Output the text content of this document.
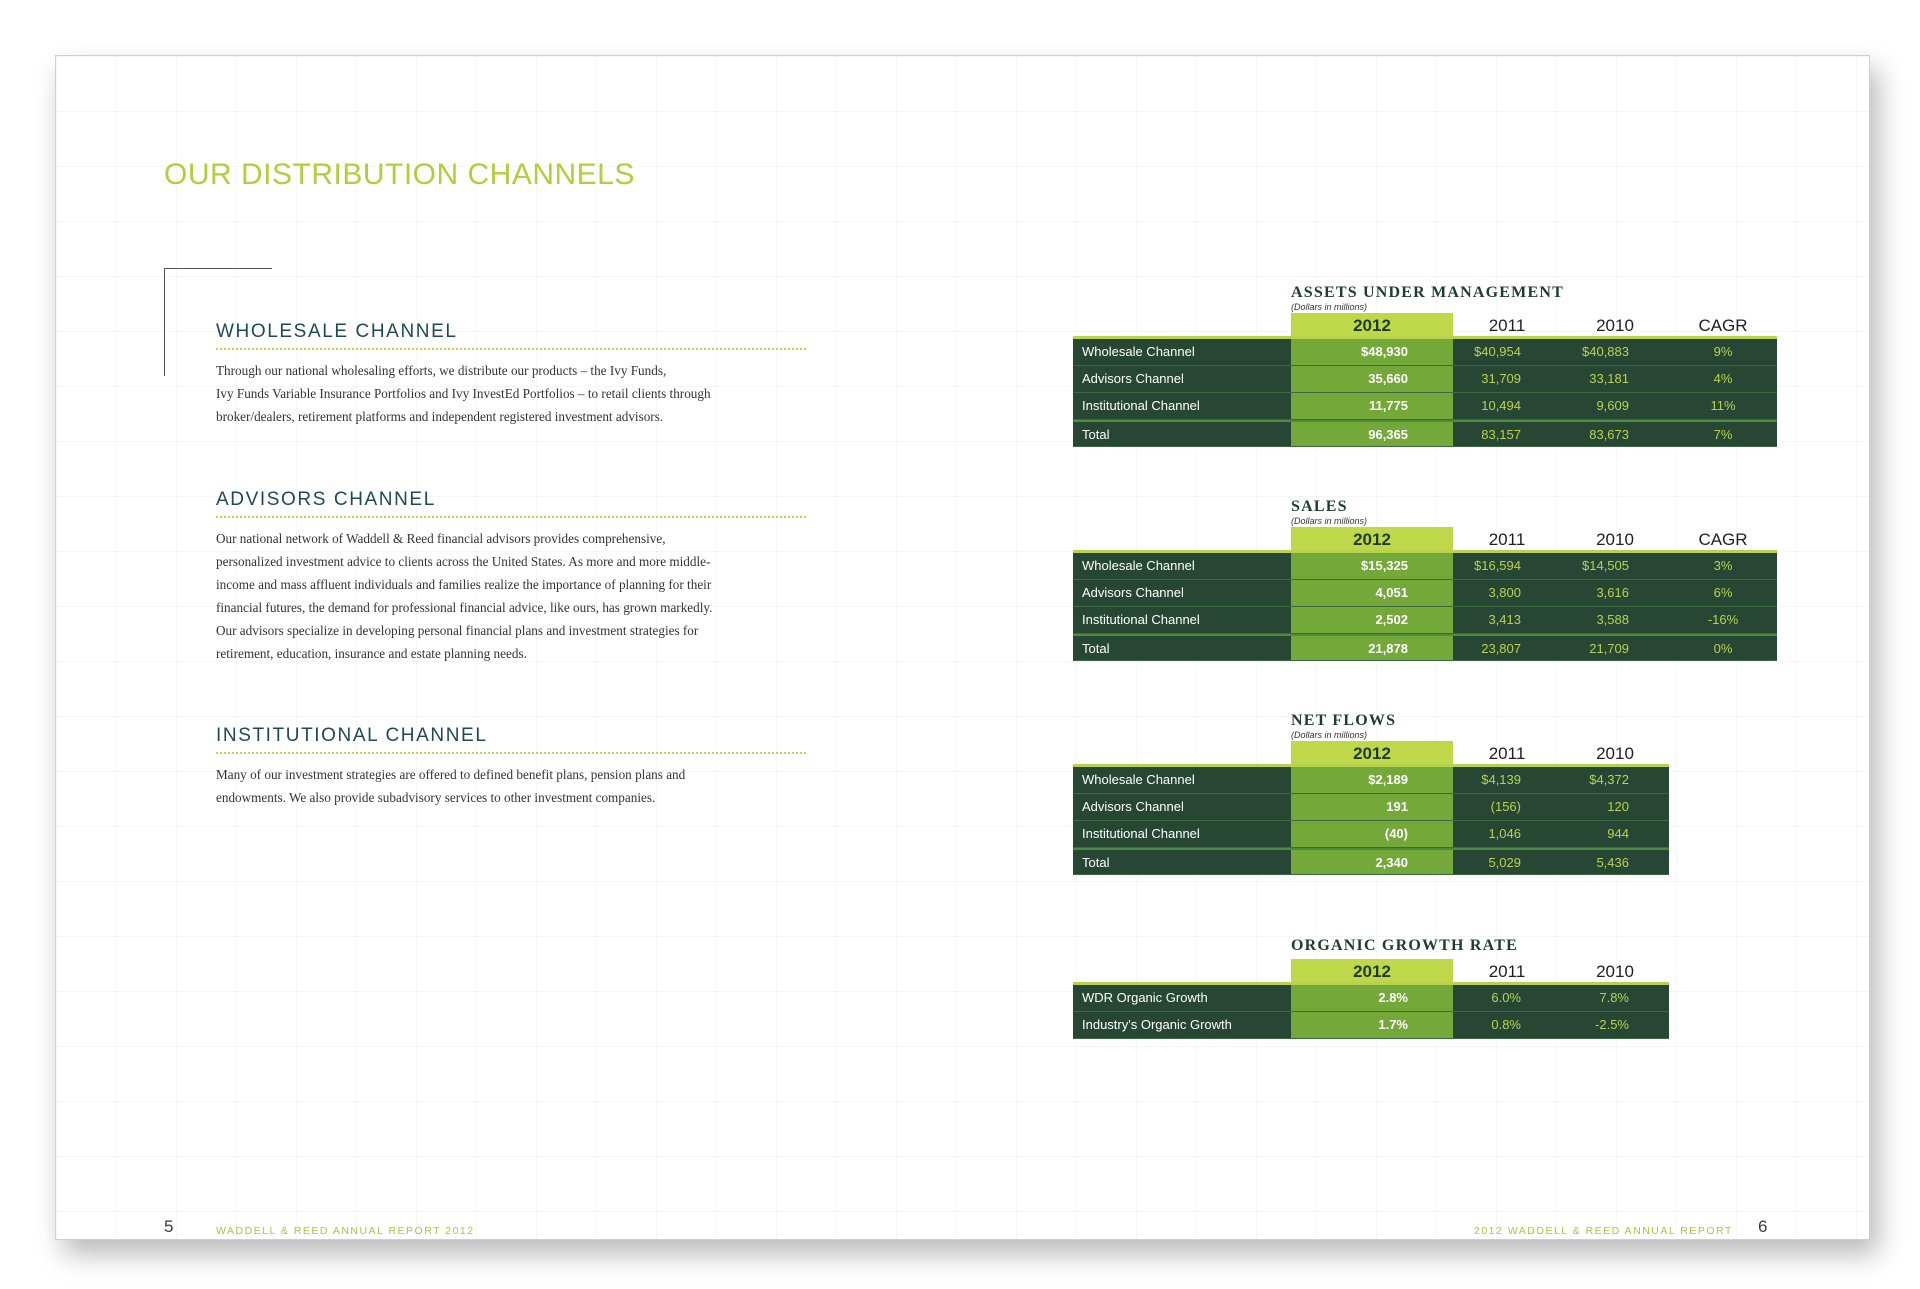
OUR DISTRIBUTION CHANNELS
WHOLESALE CHANNEL

Through our national wholesaling efforts, we distribute our products – the Ivy Funds,
Ivy Funds Variable Insurance Portfolios and Ivy InvestEd Portfolios – to retail clients through
broker/dealers, retirement platforms and independent registered investment advisors.

ADVISORS CHANNEL

Our national network of Waddell & Reed financial advisors provides comprehensive,
personalized investment advice to clients across the United States. As more and more middle-
income and mass affluent individuals and families realize the importance of planning for their
financial futures, the demand for professional financial advice, like ours, has grown markedly.
Our advisors specialize in developing personal financial plans and investment strategies for
retirement, education, insurance and estate planning needs.

INSTITUTIONAL CHANNEL

Many of our investment strategies are offered to defined benefit plans, pension plans and
endowments. We also provide subadvisory services to other investment companies.

ASSETS UNDER MANAGEMENT
(Dollars in millions)
2012	2011	2010	CAGR
Wholesale Channel	$48,930	$40,954	$40,883	9%
Advisors Channel	35,660	31,709	33,181	4%
Institutional Channel	11,775	10,494	9,609	11%
Total	96,365	83,157	83,673	7%
SALES
(Dollars in millions)
2012	2011	2010	CAGR
Wholesale Channel	$15,325	$16,594	$14,505	3%
Advisors Channel	4,051	3,800	3,616	6%
Institutional Channel	2,502	3,413	3,588	-16%
Total	21,878	23,807	21,709	0%
NET FLOWS
(Dollars in millions)
2012	2011	2010
Wholesale Channel	$2,189	$4,139	$4,372
Advisors Channel	191	(156)	120
Institutional Channel	(40)	1,046	944
Total	2,340	5,029	5,436
ORGANIC GROWTH RATE
2012	2011	2010
WDR Organic Growth	2.8%	6.0%	7.8%
Industry's Organic Growth	1.7%	0.8%	-2.5%
5	WADDELL & REED ANNUAL REPORT 2012	2012 WADDELL & REED ANNUAL REPORT 6
